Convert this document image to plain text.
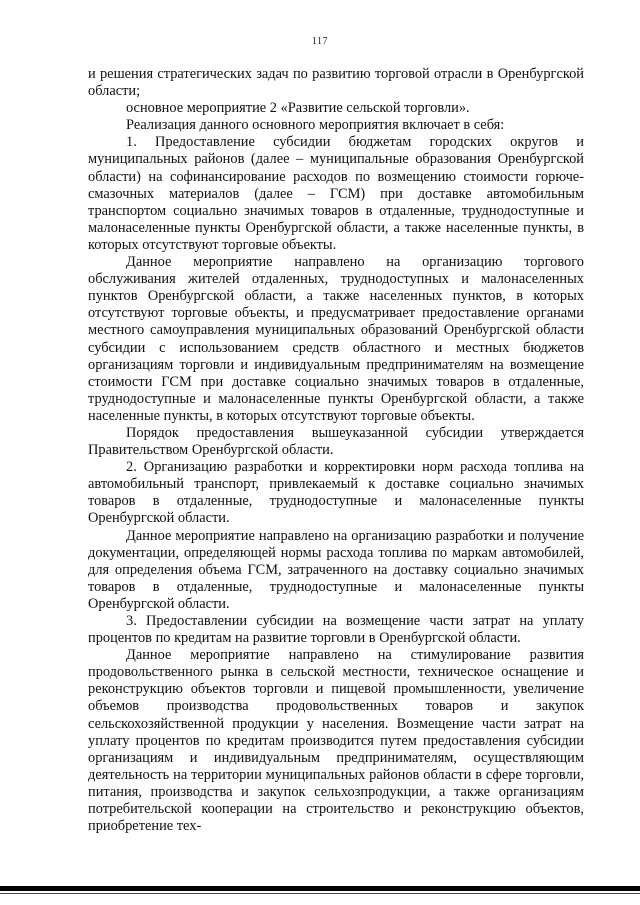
117

и решения стратегических задач по развитию торговой отрасли в Оренбургской области;

основное мероприятие 2 «Развитие сельской торговли».

Реализация данного основного мероприятия включает в себя:

1. Предоставление субсидии бюджетам городских округов и муниципальных районов (далее – муниципальные образования Оренбургской области) на софинансирование расходов по возмещению стоимости горюче-смазочных материалов (далее – ГСМ) при доставке автомобильным транспортом социально значимых товаров в отдаленные, труднодоступные и малонаселенные пункты Оренбургской области, а также населенные пункты, в которых отсутствуют торговые объекты.

Данное мероприятие направлено на организацию торгового обслуживания жителей отдаленных, труднодоступных и малонаселенных пунктов Оренбургской области, а также населенных пунктов, в которых отсутствуют торговые объекты, и предусматривает предоставление органами местного самоуправления муниципальных образований Оренбургской области субсидии с использованием средств областного и местных бюджетов организациям торговли и индивидуальным предпринимателям на возмещение стоимости ГСМ при доставке социально значимых товаров в отдаленные, труднодоступные и малонаселенные пункты Оренбургской области, а также населенные пункты, в которых отсутствуют торговые объекты.

Порядок предоставления вышеуказанной субсидии утверждается Правительством Оренбургской области.

2. Организацию разработки и корректировки норм расхода топлива на автомобильный транспорт, привлекаемый к доставке социально значимых товаров в отдаленные, труднодоступные и малонаселенные пункты Оренбургской области.

Данное мероприятие направлено на организацию разработки и получение документации, определяющей нормы расхода топлива по маркам автомобилей, для определения объема ГСМ, затраченного на доставку социально значимых товаров в отдаленные, труднодоступные и малонаселенные пункты Оренбургской области.

3. Предоставлении субсидии на возмещение части затрат на уплату процентов по кредитам на развитие торговли в Оренбургской области.

Данное мероприятие направлено на стимулирование развития продовольственного рынка в сельской местности, техническое оснащение и реконструкцию объектов торговли и пищевой промышленности, увеличение объемов производства продовольственных товаров и закупок сельскохозяйственной продукции у населения. Возмещение части затрат на уплату процентов по кредитам производится путем предоставления субсидии организациям и индивидуальным предпринимателям, осуществляющим деятельность на территории муниципальных районов области в сфере торговли, питания, производства и закупок сельхозпродукции, а также организациям потребительской кооперации на строительство и реконструкцию объектов, приобретение тех-
